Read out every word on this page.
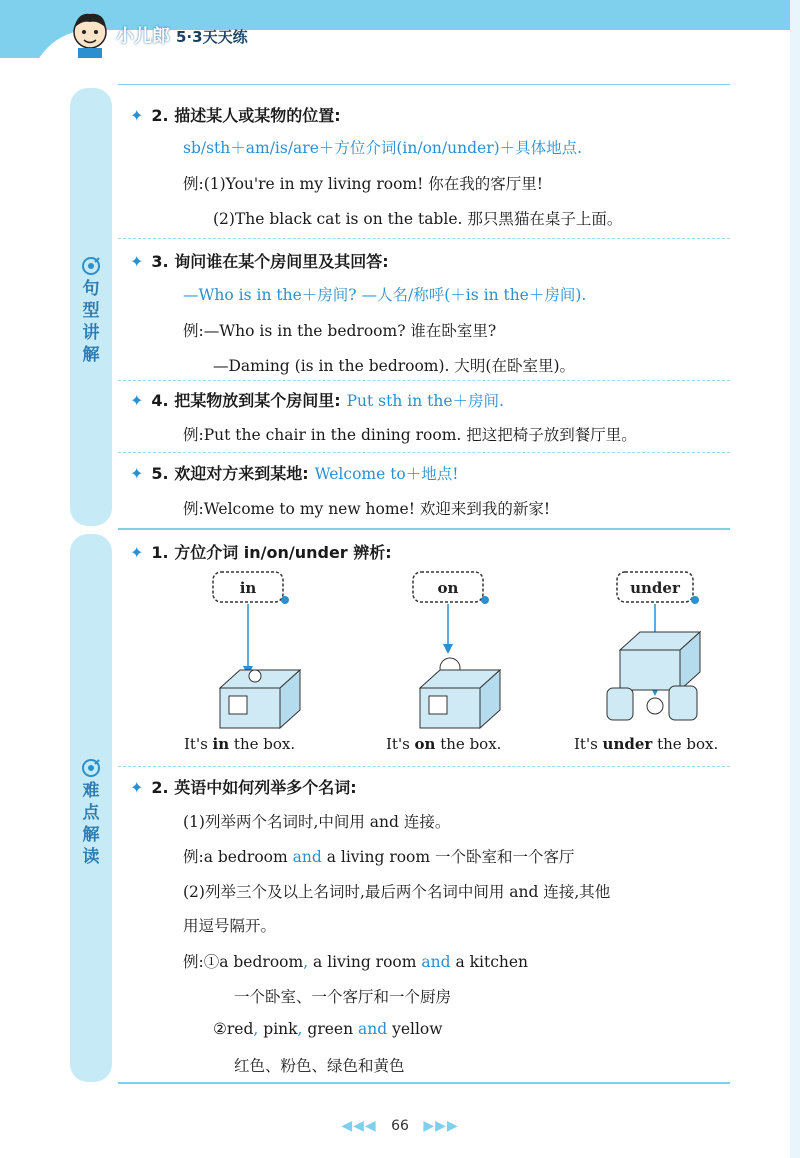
小儿郎 5·3天天练
句型讲解
难点解读
✦ 2. 描述某人或某物的位置:
sb/sth＋am/is/are＋方位介词(in/on/under)＋具体地点.
例:(1)You're in my living room! 你在我的客厅里!
(2)The black cat is on the table. 那只黑猫在桌子上面。
✦ 3. 询问谁在某个房间里及其回答:
—Who is in the＋房间? —人名/称呼(＋is in the＋房间).
例:—Who is in the bedroom? 谁在卧室里?
—Daming (is in the bedroom). 大明(在卧室里)。
✦ 4. 把某物放到某个房间里: Put sth in the＋房间.
例:Put the chair in the dining room. 把这把椅子放到餐厅里。
✦ 5. 欢迎对方来到某地: Welcome to＋地点!
例:Welcome to my new home! 欢迎来到我的新家!
✦ 1. 方位介词 in/on/under 辨析:
in
It's in the box.
on
It's on the box.
under
It's under the box.
✦ 2. 英语中如何列举多个名词:
(1)列举两个名词时,中间用 and 连接。
例:a bedroom and a living room 一个卧室和一个客厅
(2)列举三个及以上名词时,最后两个名词中间用 and 连接,其他
用逗号隔开。
例:①a bedroom, a living room and a kitchen
一个卧室、一个客厅和一个厨房
②red, pink, green and yellow
红色、粉色、绿色和黄色
◀◀◀ 66 ▶▶▶
